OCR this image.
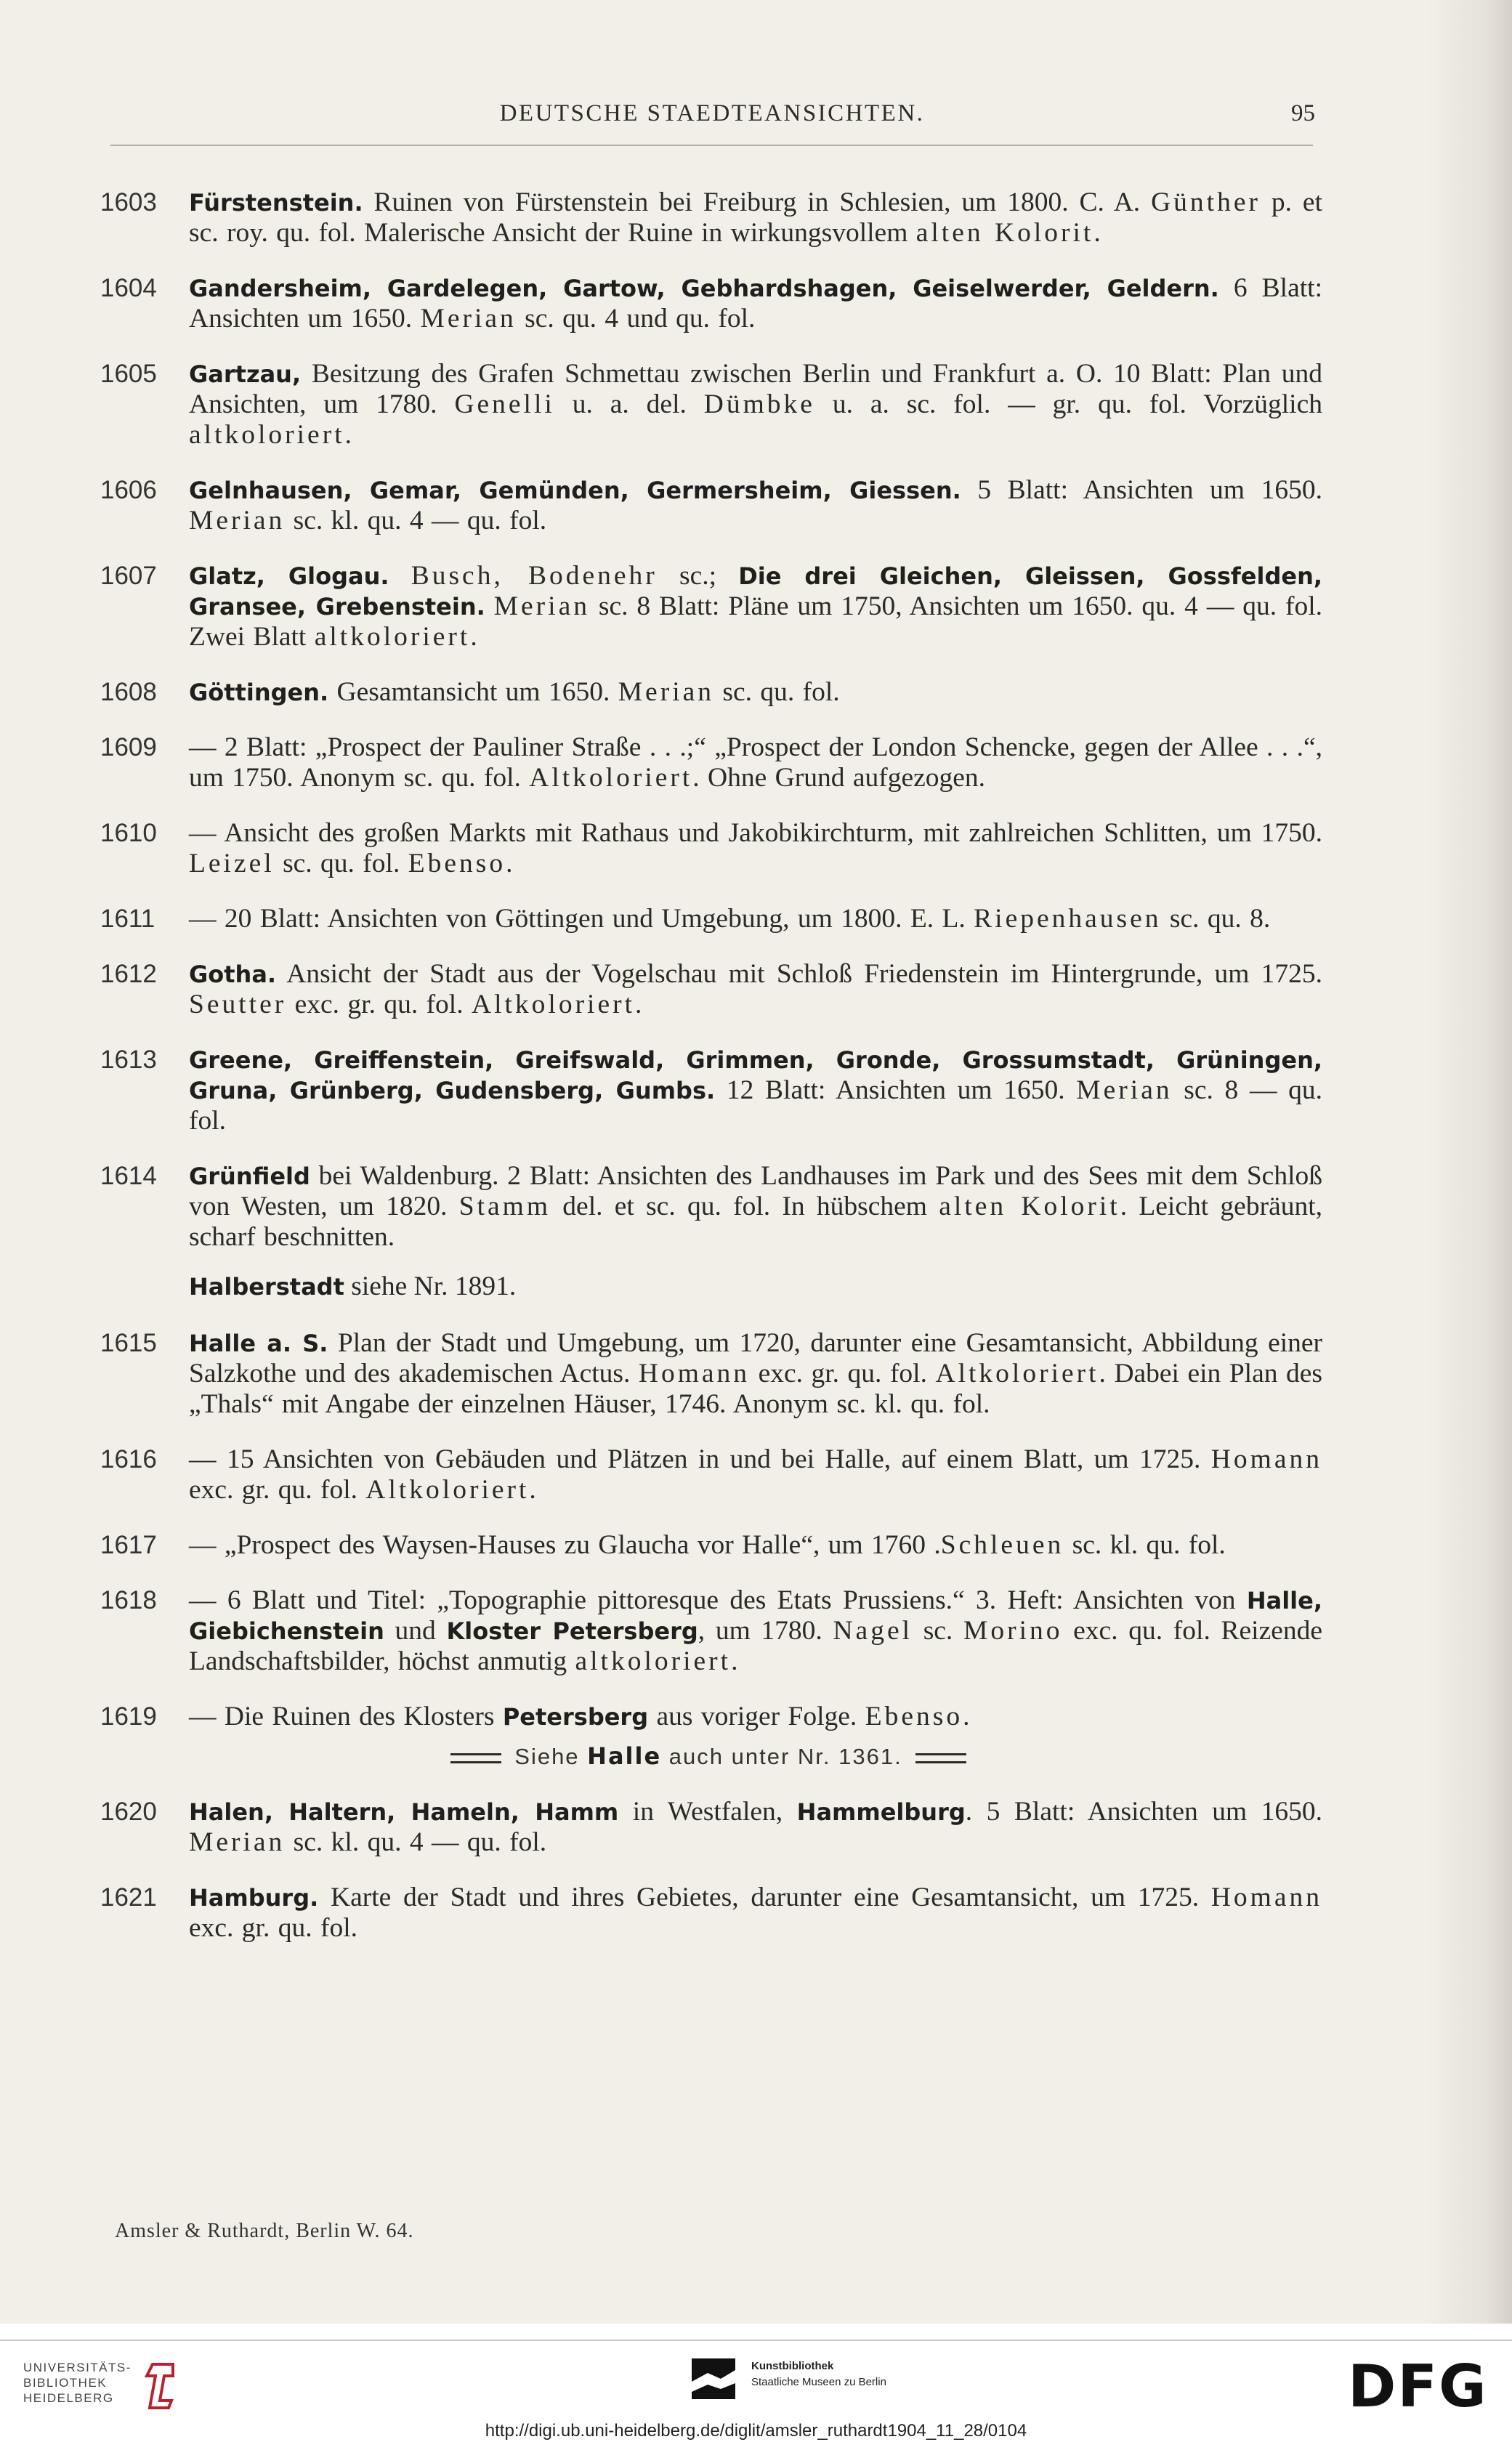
DEUTSCHE STAEDTEANSICHTEN.	95
1603 Fürstenstein. Ruinen von Fürstenstein bei Freiburg in Schlesien, um 1800. C. A. Günther p. et sc. roy. qu. fol. Malerische Ansicht der Ruine in wirkungsvollem alten Kolorit.
1604 Gandersheim, Gardelegen, Gartow, Gebhardshagen, Geiselwerder, Geldern. 6 Blatt: Ansichten um 1650. Merian sc. qu. 4 und qu. fol.
1605 Gartzau, Besitzung des Grafen Schmettau zwischen Berlin und Frankfurt a. O. 10 Blatt: Plan und Ansichten, um 1780. Genelli u. a. del. Dümbke u. a. sc. fol. — gr. qu. fol. Vorzüglich altkoloriert.
1606 Gelnhausen, Gemar, Gemünden, Germersheim, Giessen. 5 Blatt: Ansichten um 1650. Merian sc. kl. qu. 4 — qu. fol.
1607 Glatz, Glogau. Busch, Bodenehr sc.; Die drei Gleichen, Gleissen, Gossfelden, Gransee, Grebenstein. Merian sc. 8 Blatt: Pläne um 1750, Ansichten um 1650. qu. 4 — qu. fol. Zwei Blatt altkoloriert.
1608 Göttingen. Gesamtansicht um 1650. Merian sc. qu. fol.
1609 — 2 Blatt: „Prospect der Pauliner Straße . . .;“ „Prospect der London Schencke, gegen der Allee . . .“, um 1750. Anonym sc. qu. fol. Altkoloriert. Ohne Grund aufgezogen.
1610 — Ansicht des großen Markts mit Rathaus und Jakobikirchturm, mit zahlreichen Schlitten, um 1750. Leizel sc. qu. fol. Ebenso.
1611 — 20 Blatt: Ansichten von Göttingen und Umgebung, um 1800. E. L. Riepenhausen sc. qu. 8.
1612 Gotha. Ansicht der Stadt aus der Vogelschau mit Schloß Friedenstein im Hintergrunde, um 1725. Seutter exc. gr. qu. fol. Altkoloriert.
1613 Greene, Greiffenstein, Greifswald, Grimmen, Gronde, Grossumstadt, Grüningen, Gruna, Grünberg, Gudensberg, Gumbs. 12 Blatt: Ansichten um 1650. Merian sc. 8 — qu. fol.
1614 Grünfield bei Waldenburg. 2 Blatt: Ansichten des Landhauses im Park und des Sees mit dem Schloß von Westen, um 1820. Stamm del. et sc. qu. fol. In hübschem alten Kolorit. Leicht gebräunt, scharf beschnitten.
Halberstadt siehe Nr. 1891.
1615 Halle a. S. Plan der Stadt und Umgebung, um 1720, darunter eine Gesamtansicht, Abbildung einer Salzkothe und des akademischen Actus. Homann exc. gr. qu. fol. Altkoloriert. Dabei ein Plan des „Thals“ mit Angabe der einzelnen Häuser, 1746. Anonym sc. kl. qu. fol.
1616 — 15 Ansichten von Gebäuden und Plätzen in und bei Halle, auf einem Blatt, um 1725. Homann exc. gr. qu. fol. Altkoloriert.
1617 — „Prospect des Waysen-Hauses zu Glaucha vor Halle“, um 1760 .Schleuen sc. kl. qu. fol.
1618 — 6 Blatt und Titel: „Topographie pittoresque des Etats Prussiens.“ 3. Heft: Ansichten von Halle, Giebichenstein und Kloster Petersberg, um 1780. Nagel sc. Morino exc. qu. fol. Reizende Landschaftsbilder, höchst anmutig altkoloriert.
1619 — Die Ruinen des Klosters Petersberg aus voriger Folge. Ebenso.
Siehe Halle auch unter Nr. 1361.
1620 Halen, Haltern, Hameln, Hamm in Westfalen, Hammelburg. 5 Blatt: Ansichten um 1650. Merian sc. kl. qu. 4 — qu. fol.
1621 Hamburg. Karte der Stadt und ihres Gebietes, darunter eine Gesamtansicht, um 1725. Homann exc. gr. qu. fol.
Amsler & Ruthardt, Berlin W. 64.
UNIVERSITÄTS-
BIBLIOTHEK
HEIDELBERG
Kunstbibliothek
Staatliche Museen zu Berlin	DFG
http://digi.ub.uni-heidelberg.de/diglit/amsler_ruthardt1904_11_28/0104
